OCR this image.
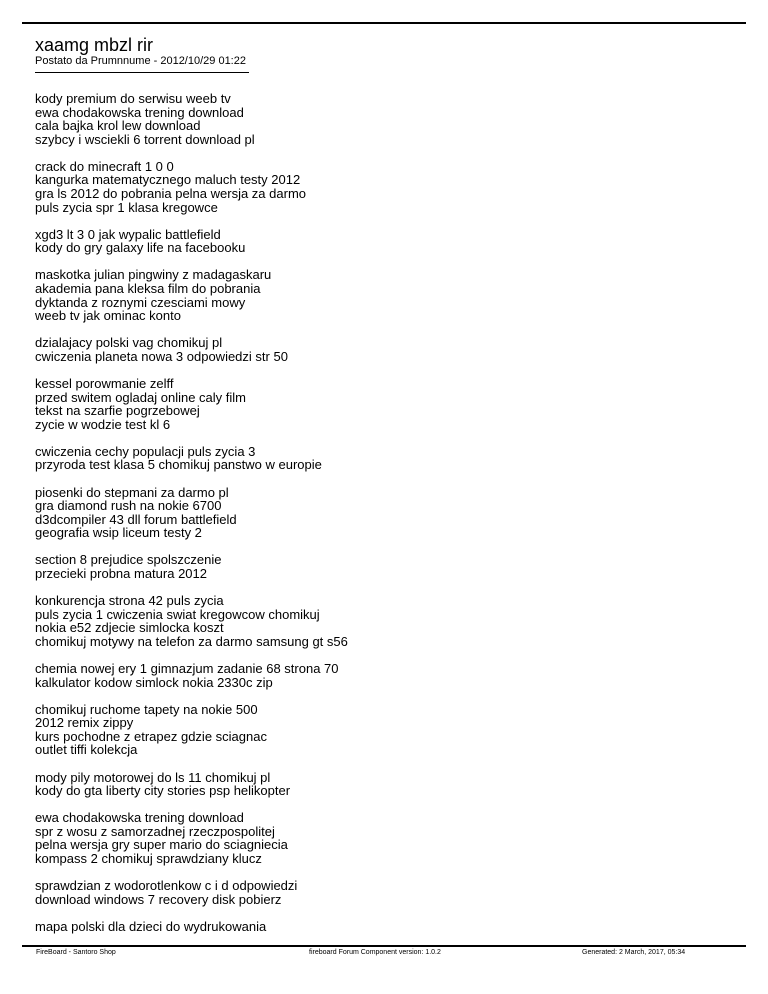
xaamg mbzl rir

Postato da Prumnnume - 2012/10/29 01:22

kody premium do serwisu weeb tv
ewa chodakowska trening download
cala bajka krol lew download
szybcy i wsciekli 6 torrent download pl
crack do minecraft 1 0 0
kangurka matematycznego maluch testy 2012
gra ls 2012 do pobrania pelna wersja za darmo
puls zycia spr 1 klasa kregowce
xgd3 lt 3 0 jak wypalic battlefield
kody do gry galaxy life na facebooku
maskotka julian pingwiny z madagaskaru
akademia pana kleksa film do pobrania
dyktanda z roznymi czesciami mowy
weeb tv jak ominac konto
dzialajacy polski vag chomikuj pl
cwiczenia planeta nowa 3 odpowiedzi str 50
kessel porowmanie zelff
przed switem ogladaj online caly film
tekst na szarfie pogrzebowej
zycie w wodzie test kl 6
cwiczenia cechy populacji puls zycia 3
przyroda test klasa 5 chomikuj panstwo w europie
piosenki do stepmani za darmo pl
gra diamond rush na nokie 6700
d3dcompiler 43 dll forum battlefield
geografia wsip liceum testy 2
section 8 prejudice spolszczenie
przecieki probna matura 2012
konkurencja strona 42 puls zycia
puls zycia 1 cwiczenia swiat kregowcow chomikuj
nokia e52 zdjecie simlocka koszt
chomikuj motywy na telefon za darmo samsung gt s56
chemia nowej ery 1 gimnazjum zadanie 68 strona 70
kalkulator kodow simlock nokia 2330c zip
chomikuj ruchome tapety na nokie 500
2012 remix zippy
kurs pochodne z etrapez gdzie sciagnac
outlet tiffi kolekcja
mody pily motorowej do ls 11 chomikuj pl
kody do gta liberty city stories psp helikopter
ewa chodakowska trening download
spr z wosu z samorzadnej rzeczpospolitej
pelna wersja gry super mario do sciagniecia
kompass 2 chomikuj sprawdziany klucz
sprawdzian z wodorotlenkow c i d odpowiedzi
download windows 7 recovery disk pobierz
mapa polski dla dzieci do wydrukowania
FireBoard - Santoro Shop	fireboard Forum Component version: 1.0.2	Generated: 2 March, 2017, 05:34
